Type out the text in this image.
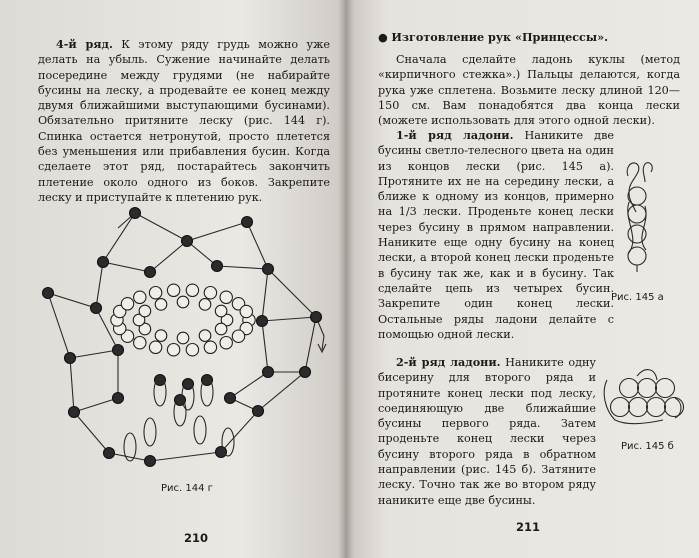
4-й ряд. К этому ряду грудь можно уже делать на убыль. Сужение начинайте делать посередине между грудями (не набирайте бусины на леску, а продевайте ее конец между двумя ближайшими выступающими бусинами). Обязательно притяните леску (рис. 144 г). Спинка остается нетронутой, просто плетется без уменьшения или прибавления бусин. Когда сделаете этот ряд, постарайтесь закончить плетение около одного из боков. Закрепите леску и приступайте к плетению рук.

Рис. 144 г
210

● Изготовление рук «Принцессы».

Сначала сделайте ладонь куклы (метод «кирпичного стежка».) Пальцы делаются, когда рука уже сплетена. Возьмите леску длиной 120—150 см. Вам понадобятся два конца лески (можете использовать для этого одной лески).

1-й ряд ладони. Наниките две бусины светло-телесного цвета на один из концов лески (рис. 145 а). Протяните их не на середину лески, а ближе к одному из концов, примерно на 1/3 лески. Проденьте конец лески через бусину в прямом направлении. Наниките еще одну бусину на конец лески, а второй конец лески проденьте в бусину так же, как и в бусину. Так сделайте цепь из четырех бусин. Закрепите один конец лески. Остальные ряды ладони делайте с помощью одной лески.

2-й ряд ладони. Наниките одну бисерину для второго ряда и протяните конец лески под леску, соединяющую две ближайшие бусины первого ряда. Затем проденьте конец лески через бусину второго ряда в обратном направлении (рис. 145 б). Затяните леску. Точно так же во втором ряду наниките еще две бусины.

Рис. 145 а
Рис. 145 б
211
